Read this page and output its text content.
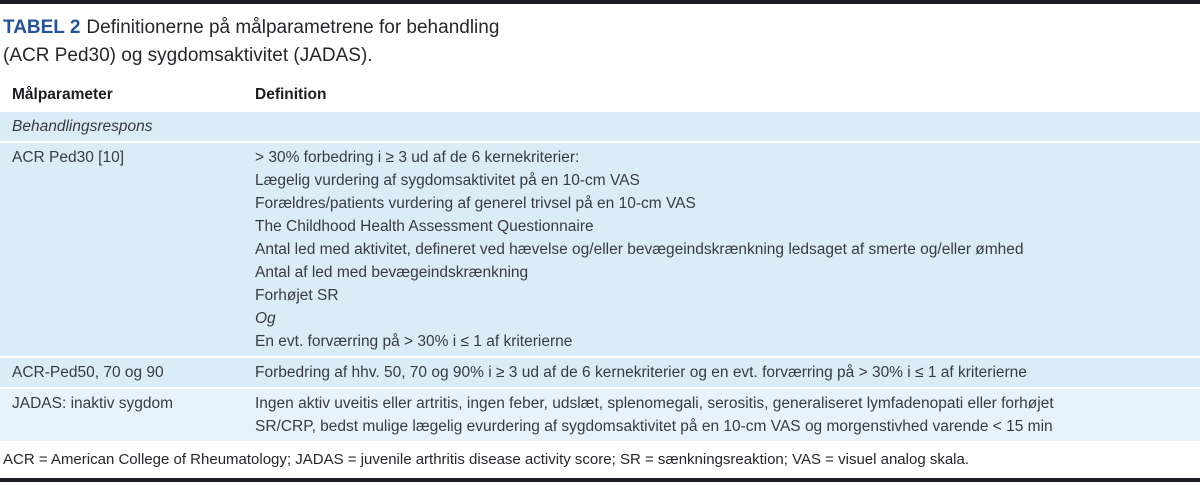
TABEL 2 Definitionerne på målparametrene for behandling
(ACR Ped30) og sygdomsaktivitet (JADAS).
Målparameter	Definition
Behandlingsrespons
ACR Ped30 [10]	> 30% forbedring i ≥ 3 ud af de 6 kernekriterier:
Lægelig vurdering af sygdomsaktivitet på en 10-cm VAS
Forældres/patients vurdering af generel trivsel på en 10-cm VAS
The Childhood Health Assessment Questionnaire
Antal led med aktivitet, defineret ved hævelse og/eller bevægeindskrænkning ledsaget af smerte og/eller ømhed
Antal af led med bevægeindskrænkning
Forhøjet SR
Og
En evt. forværring på > 30% i ≤ 1 af kriterierne
ACR-Ped50, 70 og 90	Forbedring af hhv. 50, 70 og 90% i ≥ 3 ud af de 6 kernekriterier og en evt. forværring på > 30% i ≤ 1 af kriterierne
JADAS: inaktiv sygdom	Ingen aktiv uveitis eller artritis, ingen feber, udslæt, splenomegali, serositis, generaliseret lymfadenopati eller forhøjet
SR/CRP, bedst mulige lægelig evurdering af sygdomsaktivitet på en 10-cm VAS og morgenstivhed varende < 15 min
ACR = American College of Rheumatology; JADAS = juvenile arthritis disease activity score; SR = sænkningsreaktion; VAS = visuel analog skala.
